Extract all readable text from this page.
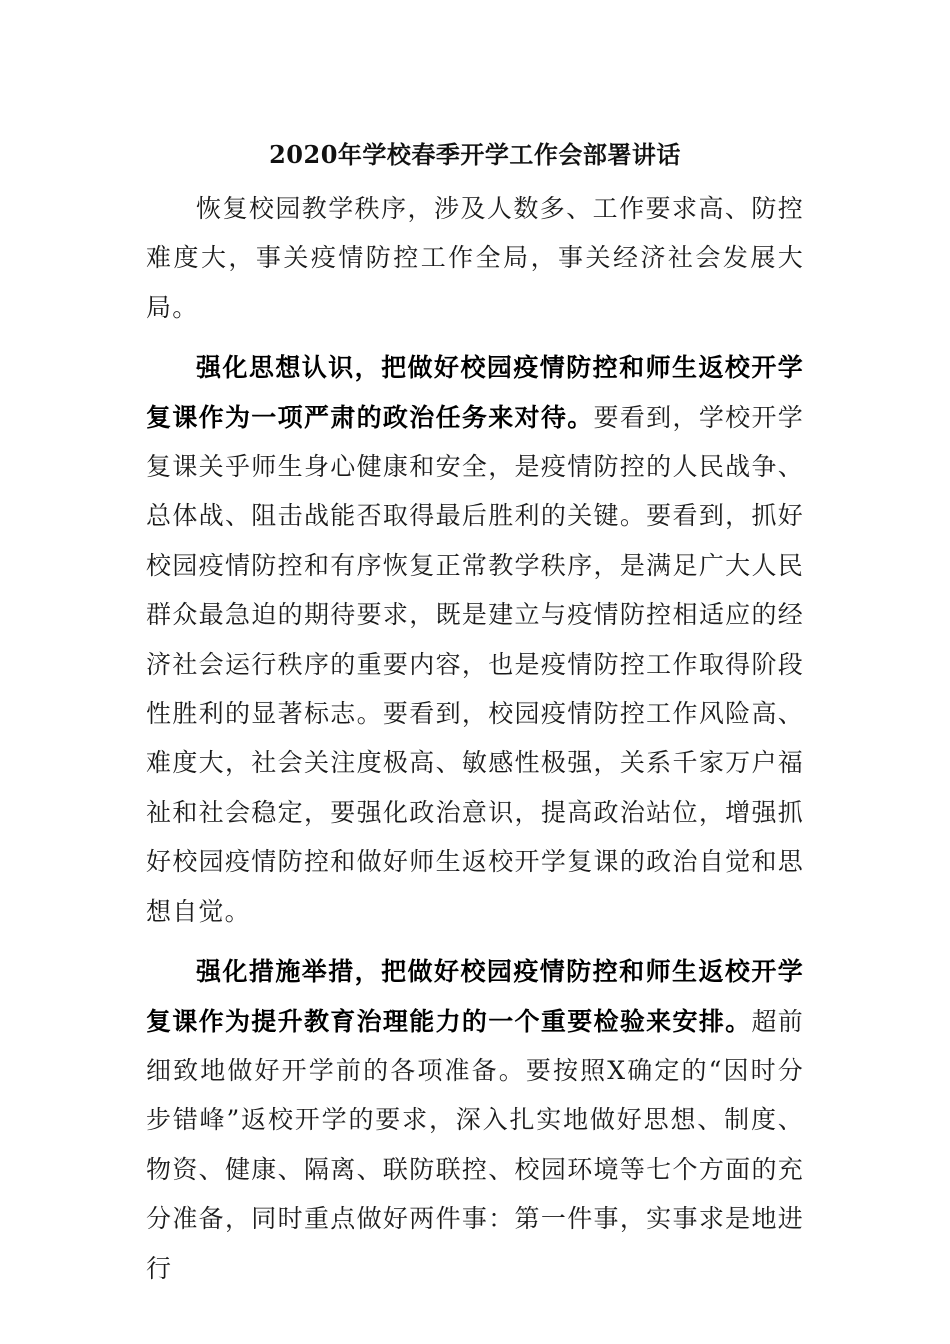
2020年学校春季开学工作会部署讲话

恢复校园教学秩序，涉及人数多、工作要求高、防控难度大，事关疫情防控工作全局，事关经济社会发展大局。

强化思想认识，把做好校园疫情防控和师生返校开学复课作为一项严肃的政治任务来对待。要看到，学校开学复课关乎师生身心健康和安全，是疫情防控的人民战争、总体战、阻击战能否取得最后胜利的关键。要看到，抓好校园疫情防控和有序恢复正常教学秩序，是满足广大人民群众最急迫的期待要求，既是建立与疫情防控相适应的经济社会运行秩序的重要内容，也是疫情防控工作取得阶段性胜利的显著标志。要看到，校园疫情防控工作风险高、难度大，社会关注度极高、敏感性极强，关系千家万户福祉和社会稳定，要强化政治意识，提高政治站位，增强抓好校园疫情防控和做好师生返校开学复课的政治自觉和思想自觉。

强化措施举措，把做好校园疫情防控和师生返校开学复课作为提升教育治理能力的一个重要检验来安排。超前细致地做好开学前的各项准备。要按照X确定的“因时分步错峰”返校开学的要求，深入扎实地做好思想、制度、物资、健康、隔离、联防联控、校园环境等七个方面的充分准备，同时重点做好两件事：第一件事，实事求是地进行
